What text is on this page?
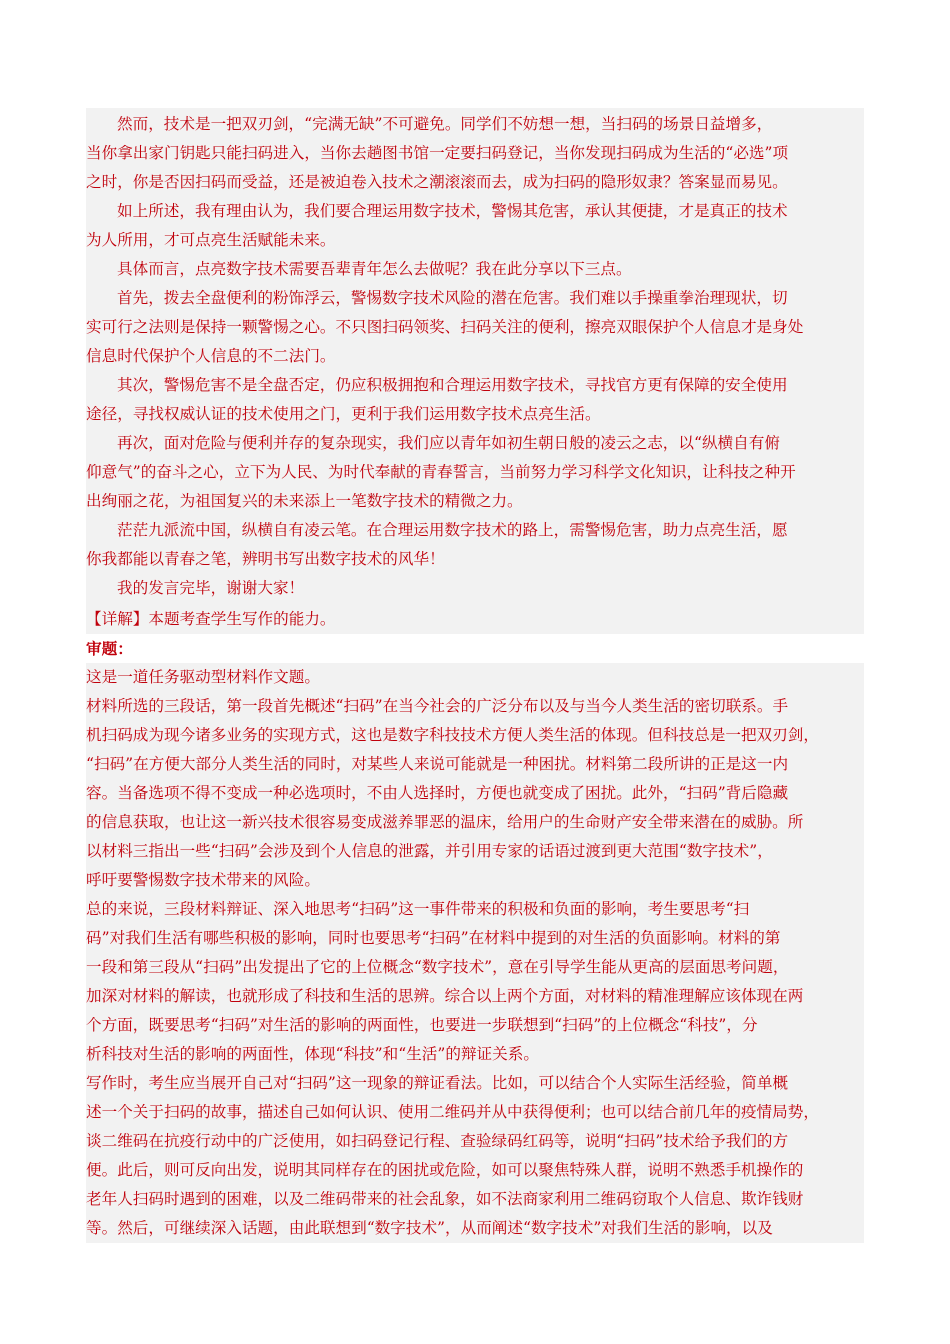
然而，技术是一把双刃剑，“完满无缺”不可避免。同学们不妨想一想，当扫码的场景日益增多，
当你拿出家门钥匙只能扫码进入，当你去趟图书馆一定要扫码登记，当你发现扫码成为生活的“必选”项
之时，你是否因扫码而受益，还是被迫卷入技术之潮滚滚而去，成为扫码的隐形奴隶？答案显而易见。
如上所述，我有理由认为，我们要合理运用数字技术，警惕其危害，承认其便捷，才是真正的技术
为人所用，才可点亮生活赋能未来。
具体而言，点亮数字技术需要吾辈青年怎么去做呢？我在此分享以下三点。
首先，拨去全盘便利的粉饰浮云，警惕数字技术风险的潜在危害。我们难以手操重拳治理现状，切
实可行之法则是保持一颗警惕之心。不只图扫码领奖、扫码关注的便利，擦亮双眼保护个人信息才是身处
信息时代保护个人信息的不二法门。
其次，警惕危害不是全盘否定，仍应积极拥抱和合理运用数字技术，寻找官方更有保障的安全使用
途径，寻找权威认证的技术使用之门，更利于我们运用数字技术点亮生活。
再次，面对危险与便利并存的复杂现实，我们应以青年如初生朝日般的凌云之志，以“纵横自有俯
仰意气”的奋斗之心，立下为人民、为时代奉献的青春誓言，当前努力学习科学文化知识，让科技之种开
出绚丽之花，为祖国复兴的未来添上一笔数字技术的精微之力。
茫茫九派流中国，纵横自有凌云笔。在合理运用数字技术的路上，需警惕危害，助力点亮生活，愿
你我都能以青春之笔，辨明书写出数字技术的风华！
我的发言完毕，谢谢大家！
【详解】本题考查学生写作的能力。
审题：
这是一道任务驱动型材料作文题。
材料所选的三段话，第一段首先概述“扫码”在当今社会的广泛分布以及与当今人类生活的密切联系。手
机扫码成为现今诸多业务的实现方式，这也是数字科技技术方便人类生活的体现。但科技总是一把双刃剑，
“扫码”在方便大部分人类生活的同时，对某些人来说可能就是一种困扰。材料第二段所讲的正是这一内
容。当备选项不得不变成一种必选项时，不由人选择时，方便也就变成了困扰。此外，“扫码”背后隐藏
的信息获取，也让这一新兴技术很容易变成滋养罪恶的温床，给用户的生命财产安全带来潜在的威胁。所
以材料三指出一些“扫码”会涉及到个人信息的泄露，并引用专家的话语过渡到更大范围“数字技术”，
呼吁要警惕数字技术带来的风险。
总的来说，三段材料辩证、深入地思考“扫码”这一事件带来的积极和负面的影响，考生要思考“扫
码”对我们生活有哪些积极的影响，同时也要思考“扫码”在材料中提到的对生活的负面影响。材料的第
一段和第三段从“扫码”出发提出了它的上位概念“数字技术”，意在引导学生能从更高的层面思考问题，
加深对材料的解读，也就形成了科技和生活的思辨。综合以上两个方面，对材料的精准理解应该体现在两
个方面，既要思考“扫码”对生活的影响的两面性，也要进一步联想到“扫码”的上位概念“科技”，分
析科技对生活的影响的两面性，体现“科技”和“生活”的辩证关系。
写作时，考生应当展开自己对“扫码”这一现象的辩证看法。比如，可以结合个人实际生活经验，简单概
述一个关于扫码的故事，描述自己如何认识、使用二维码并从中获得便利；也可以结合前几年的疫情局势，
谈二维码在抗疫行动中的广泛使用，如扫码登记行程、查验绿码红码等，说明“扫码”技术给予我们的方
便。此后，则可反向出发，说明其同样存在的困扰或危险，如可以聚焦特殊人群，说明不熟悉手机操作的
老年人扫码时遇到的困难，以及二维码带来的社会乱象，如不法商家利用二维码窃取个人信息、欺诈钱财
等。然后，可继续深入话题，由此联想到“数字技术”，从而阐述“数字技术”对我们生活的影响，以及
